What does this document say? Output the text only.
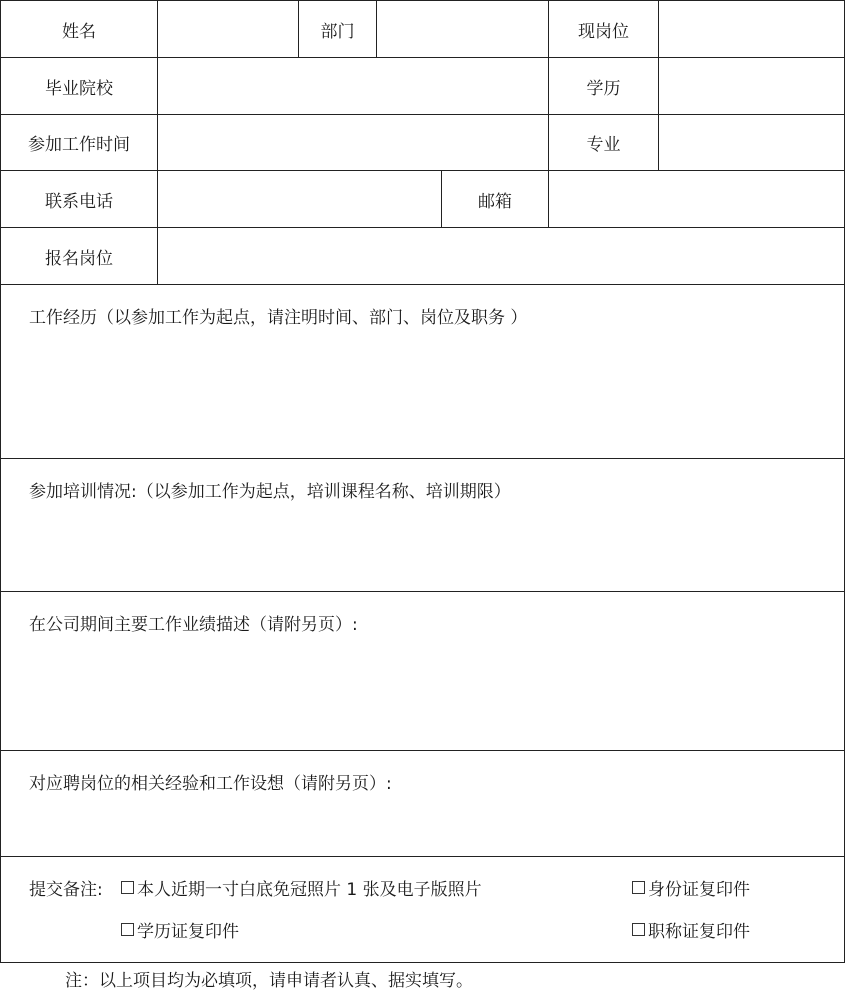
姓名	部门	现岗位
毕业院校	学历
参加工作时间	专业
联系电话	邮箱
报名岗位
工作经历（以参加工作为起点，请注明时间、部门、岗位及职务 ）
参加培训情况:（以参加工作为起点，培训课程名称、培训期限）
在公司期间主要工作业绩描述（请附另页）:
对应聘岗位的相关经验和工作设想（请附另页）:
提交备注: 本人近期一寸白底免冠照片 1 张及电子版照片	身份证复印件
学历证复印件	职称证复印件
注：以上项目均为必填项，请申请者认真、据实填写。
